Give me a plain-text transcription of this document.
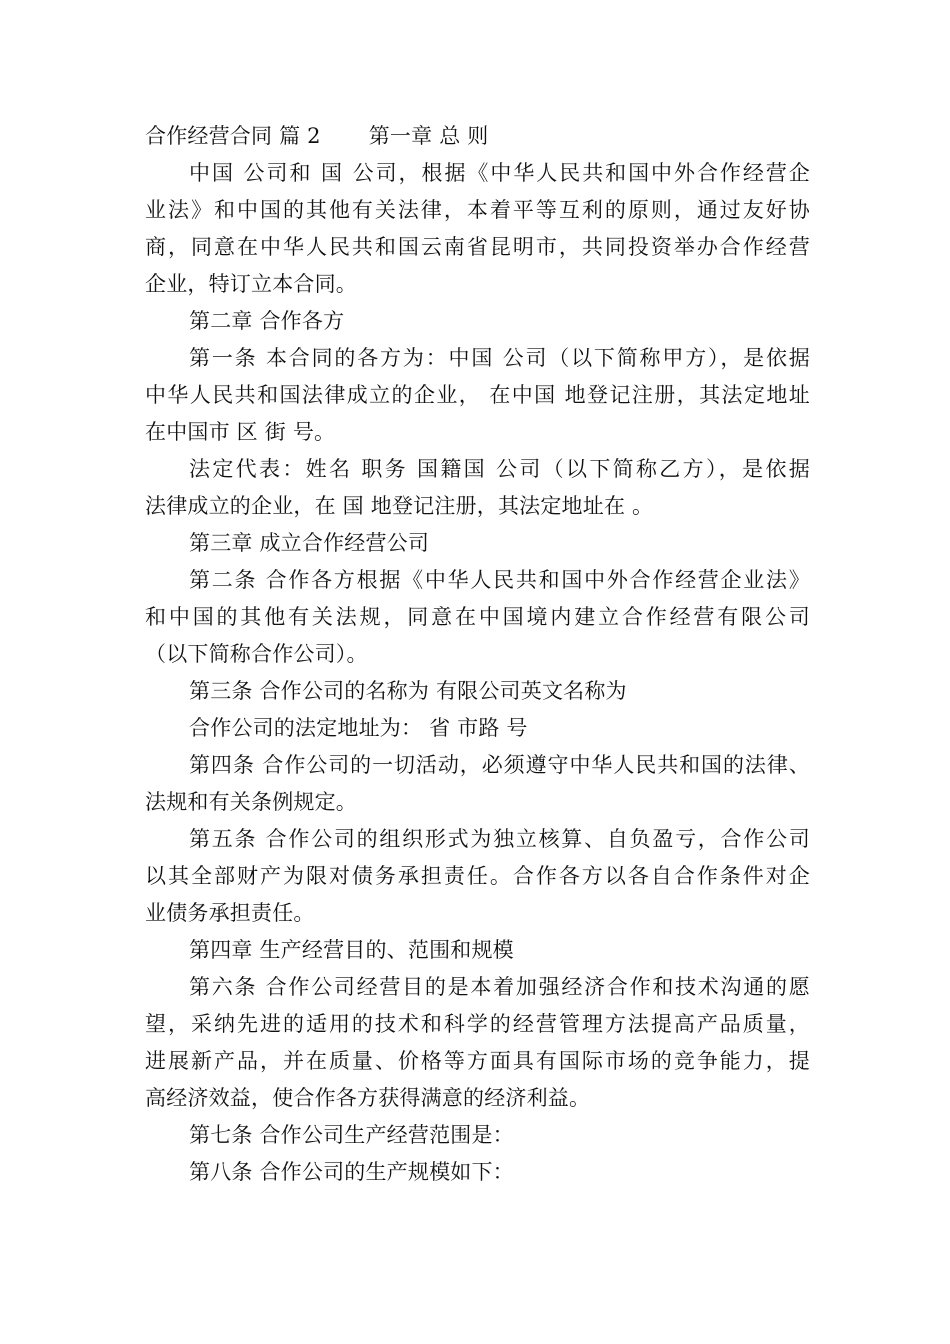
合作经营合同 篇 2 第一章 总 则
中国 公司和 国 公司，根据《中华人民共和国中外合作经营企
业法》和中国的其他有关法律，本着平等互利的原则，通过友好协
商，同意在中华人民共和国云南省昆明市，共同投资举办合作经营
企业，特订立本合同。
第二章 合作各方
第一条 本合同的各方为：中国 公司（以下简称甲方），是依据
中华人民共和国法律成立的企业， 在中国 地登记注册，其法定地址
在中国市 区 街 号。
法定代表：姓名 职务 国籍国 公司（以下简称乙方），是依据
法律成立的企业，在 国 地登记注册，其法定地址在 。
第三章 成立合作经营公司
第二条 合作各方根据《中华人民共和国中外合作经营企业法》
和中国的其他有关法规，同意在中国境内建立合作经营有限公司
（以下简称合作公司）。
第三条 合作公司的名称为 有限公司英文名称为
合作公司的法定地址为： 省 市路 号
第四条 合作公司的一切活动，必须遵守中华人民共和国的法律、
法规和有关条例规定。
第五条 合作公司的组织形式为独立核算、自负盈亏，合作公司
以其全部财产为限对债务承担责任。合作各方以各自合作条件对企
业债务承担责任。
第四章 生产经营目的、范围和规模
第六条 合作公司经营目的是本着加强经济合作和技术沟通的愿
望，采纳先进的适用的技术和科学的经营管理方法提高产品质量，
进展新产品，并在质量、价格等方面具有国际市场的竞争能力，提
高经济效益，使合作各方获得满意的经济利益。
第七条 合作公司生产经营范围是：
第八条 合作公司的生产规模如下：
